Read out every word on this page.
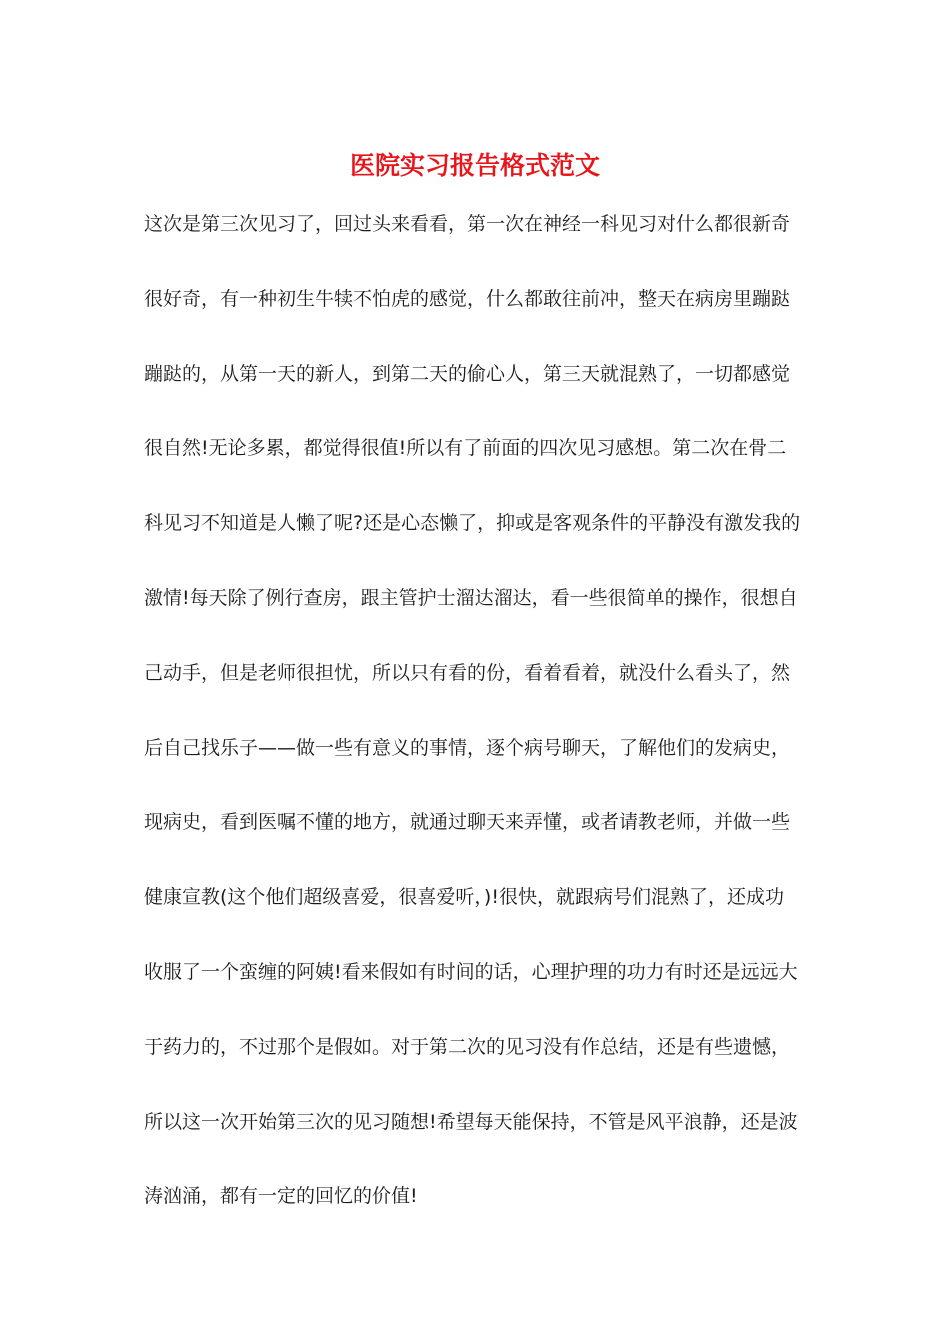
医院实习报告格式范文
这次是第三次见习了，回过头来看看，第一次在神经一科见习对什么都很新奇
很好奇，有一种初生牛犊不怕虎的感觉，什么都敢往前冲，整天在病房里蹦跶
蹦跶的，从第一天的新人，到第二天的偷心人，第三天就混熟了，一切都感觉
很自然!无论多累，都觉得很值!所以有了前面的四次见习感想。第二次在骨二
科见习不知道是人懒了呢?还是心态懒了，抑或是客观条件的平静没有激发我的
激情!每天除了例行查房，跟主管护士溜达溜达，看一些很简单的操作，很想自
己动手，但是老师很担忧，所以只有看的份，看着看着，就没什么看头了，然
后自己找乐子——做一些有意义的事情，逐个病号聊天，了解他们的发病史，
现病史，看到医嘱不懂的地方，就通过聊天来弄懂，或者请教老师，并做一些
健康宣教(这个他们超级喜爱，很喜爱听，)!很快，就跟病号们混熟了，还成功
收服了一个蛮缠的阿姨!看来假如有时间的话，心理护理的功力有时还是远远大
于药力的，不过那个是假如。对于第二次的见习没有作总结，还是有些遗憾，
所以这一次开始第三次的见习随想!希望每天能保持，不管是风平浪静，还是波
涛汹涌，都有一定的回忆的价值!
